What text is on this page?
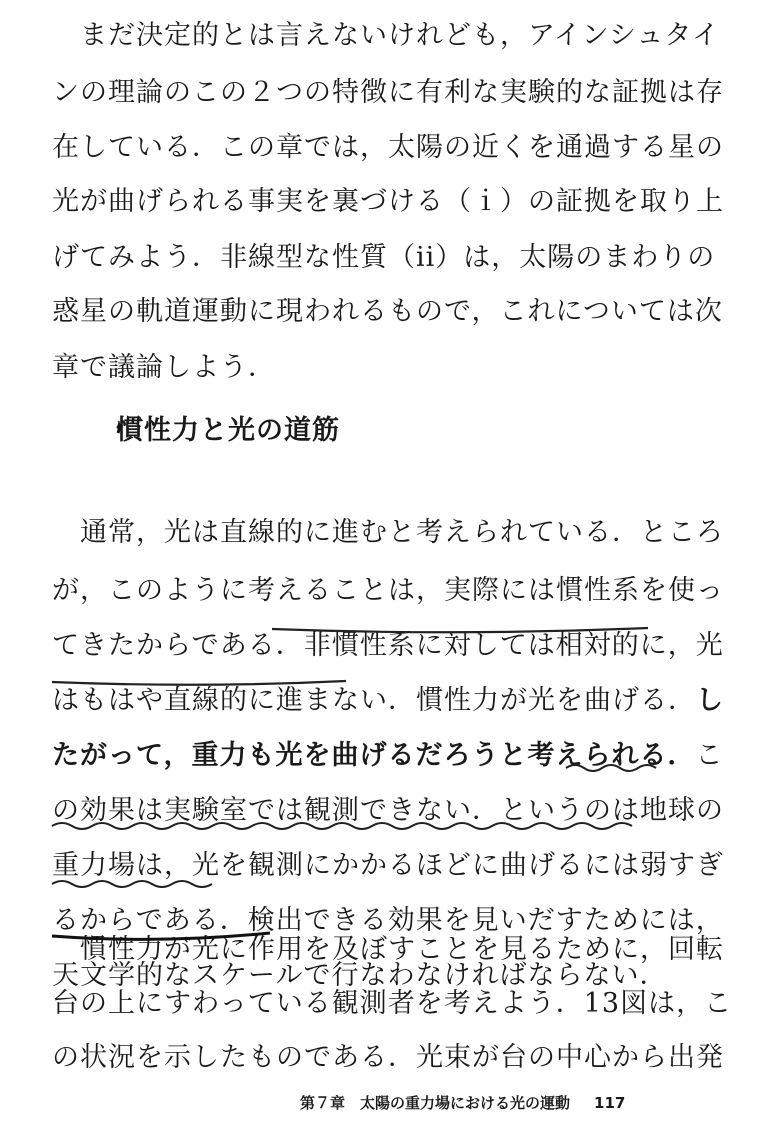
慣性力と光の道筋
まだ決定的とは言えないけれども，アインシュタイ
ンの理論のこの２つの特徴に有利な実験的な証拠は存
在している．この章では，太陽の近くを通過する星の
光が曲げられる事実を裏づける（ｉ）の証拠を取り上
げてみよう．非線型な性質（ii）は，太陽のまわりの
惑星の軌道運動に現われるもので，これについては次
章で議論しよう．
通常，光は直線的に進むと考えられている．ところ
が，このように考えることは，実際には慣性系を使っ
てきたからである．非慣性系に対しては相対的に，光
はもはや直線的に進まない．慣性力が光を曲げる．し
たがって，重力も光を曲げるだろうと考えられる．こ
の効果は実験室では観測できない．というのは地球の
重力場は，光を観測にかかるほどに曲げるには弱すぎ
るからである．検出できる効果を見いだすためには，
天文学的なスケールで行なわなければならない．
慣性力が光に作用を及ぼすことを見るために，回転
台の上にすわっている観測者を考えよう．13図は，こ
の状況を示したものである．光束が台の中心から出発
第７章　太陽の重力場における光の運動 117
